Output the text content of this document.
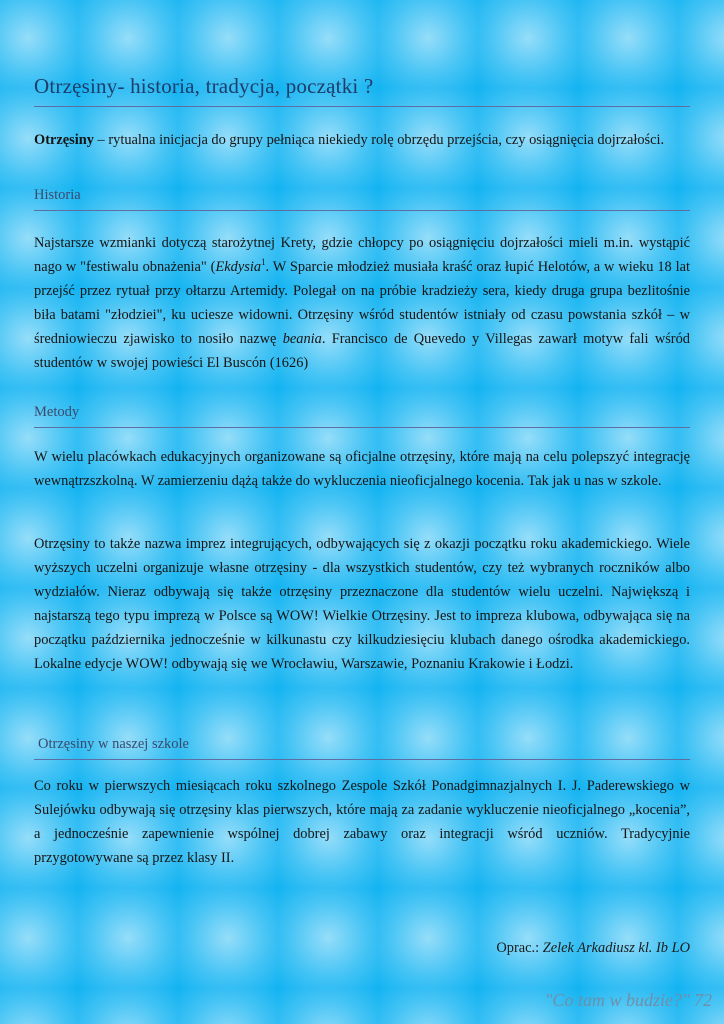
Otrzęsiny- historia, tradycja, początki ?
Otrzęsiny – rytualna inicjacja do grupy pełniąca niekiedy rolę obrzędu przejścia, czy osiągnięcia dojrzałości.
Historia
Najstarsze wzmianki dotyczą starożytnej Krety, gdzie chłopcy po osiągnięciu dojrzałości mieli m.in. wystąpić nago w "festiwalu obnażenia" (Ekdysia$^1$. W Sparcie młodzież musiała kraść oraz łupić Helotów, a w wieku 18 lat przejść przez rytuał przy ołtarzu Artemidy. Polegał on na próbie kradzieży sera, kiedy druga grupa bezlitośnie biła batami "złodziei", ku uciesze widowni. Otrzęsiny wśród studentów istniały od czasu powstania szkół – w średniowieczu zjawisko to nosiło nazwę beania. Francisco de Quevedo y Villegas zawarł motyw fali wśród studentów w swojej powieści El Buscón (1626)
Metody
W wielu placówkach edukacyjnych organizowane są oficjalne otrzęsiny, które mają na celu polepszyć integrację wewnątrzszkolną. W zamierzeniu dążą także do wykluczenia nieoficjalnego kocenia. Tak jak u nas w szkole.
Otrzęsiny to także nazwa imprez integrujących, odbywających się z okazji początku roku akademickiego. Wiele wyższych uczelni organizuje własne otrzęsiny - dla wszystkich studentów, czy też wybranych roczników albo wydziałów. Nieraz odbywają się także otrzęsiny przeznaczone dla studentów wielu uczelni. Największą i najstarszą tego typu imprezą w Polsce są WOW! Wielkie Otrzęsiny. Jest to impreza klubowa, odbywająca się na początku października jednocześnie w kilkunastu czy kilkudziesięciu klubach danego ośrodka akademickiego. Lokalne edycje WOW! odbywają się we Wrocławiu, Warszawie, Poznaniu Krakowie i Łodzi.
Otrzęsiny w naszej szkole
Co roku w pierwszych miesiącach roku szkolnego Zespole Szkół Ponadgimnazjalnych I. J. Paderewskiego w Sulejówku odbywają się otrzęsiny klas pierwszych, które mają za zadanie wykluczenie nieoficjalnego „kocenia”, a jednocześnie zapewnienie wspólnej dobrej zabawy oraz integracji wśród uczniów. Tradycyjnie przygotowywane są przez klasy II.
Oprac.: Zelek Arkadiusz kl. Ib LO
"Co tam w budzie?" 72
